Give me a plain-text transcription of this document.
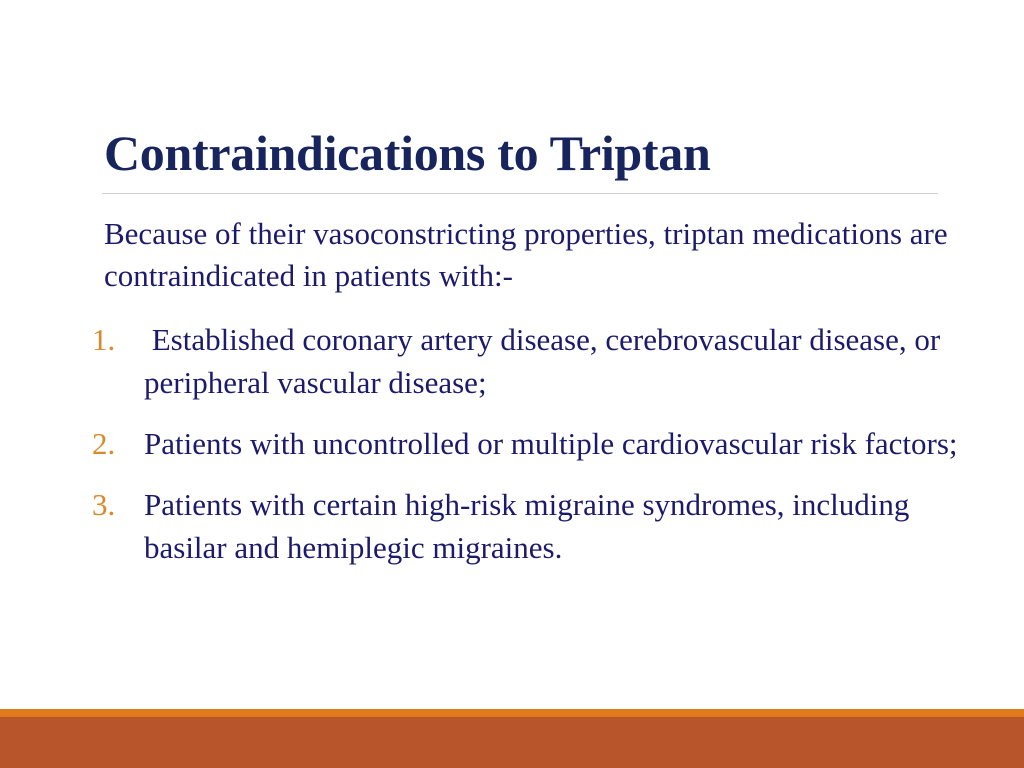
Contraindications to Triptan

Because of their vasoconstricting properties, triptan medications are contraindicated in patients with:-

1. Established coronary artery disease, cerebrovascular disease, or peripheral vascular disease;
2. Patients with uncontrolled or multiple cardiovascular risk factors;
3. Patients with certain high-risk migraine syndromes, including basilar and hemiplegic migraines.
